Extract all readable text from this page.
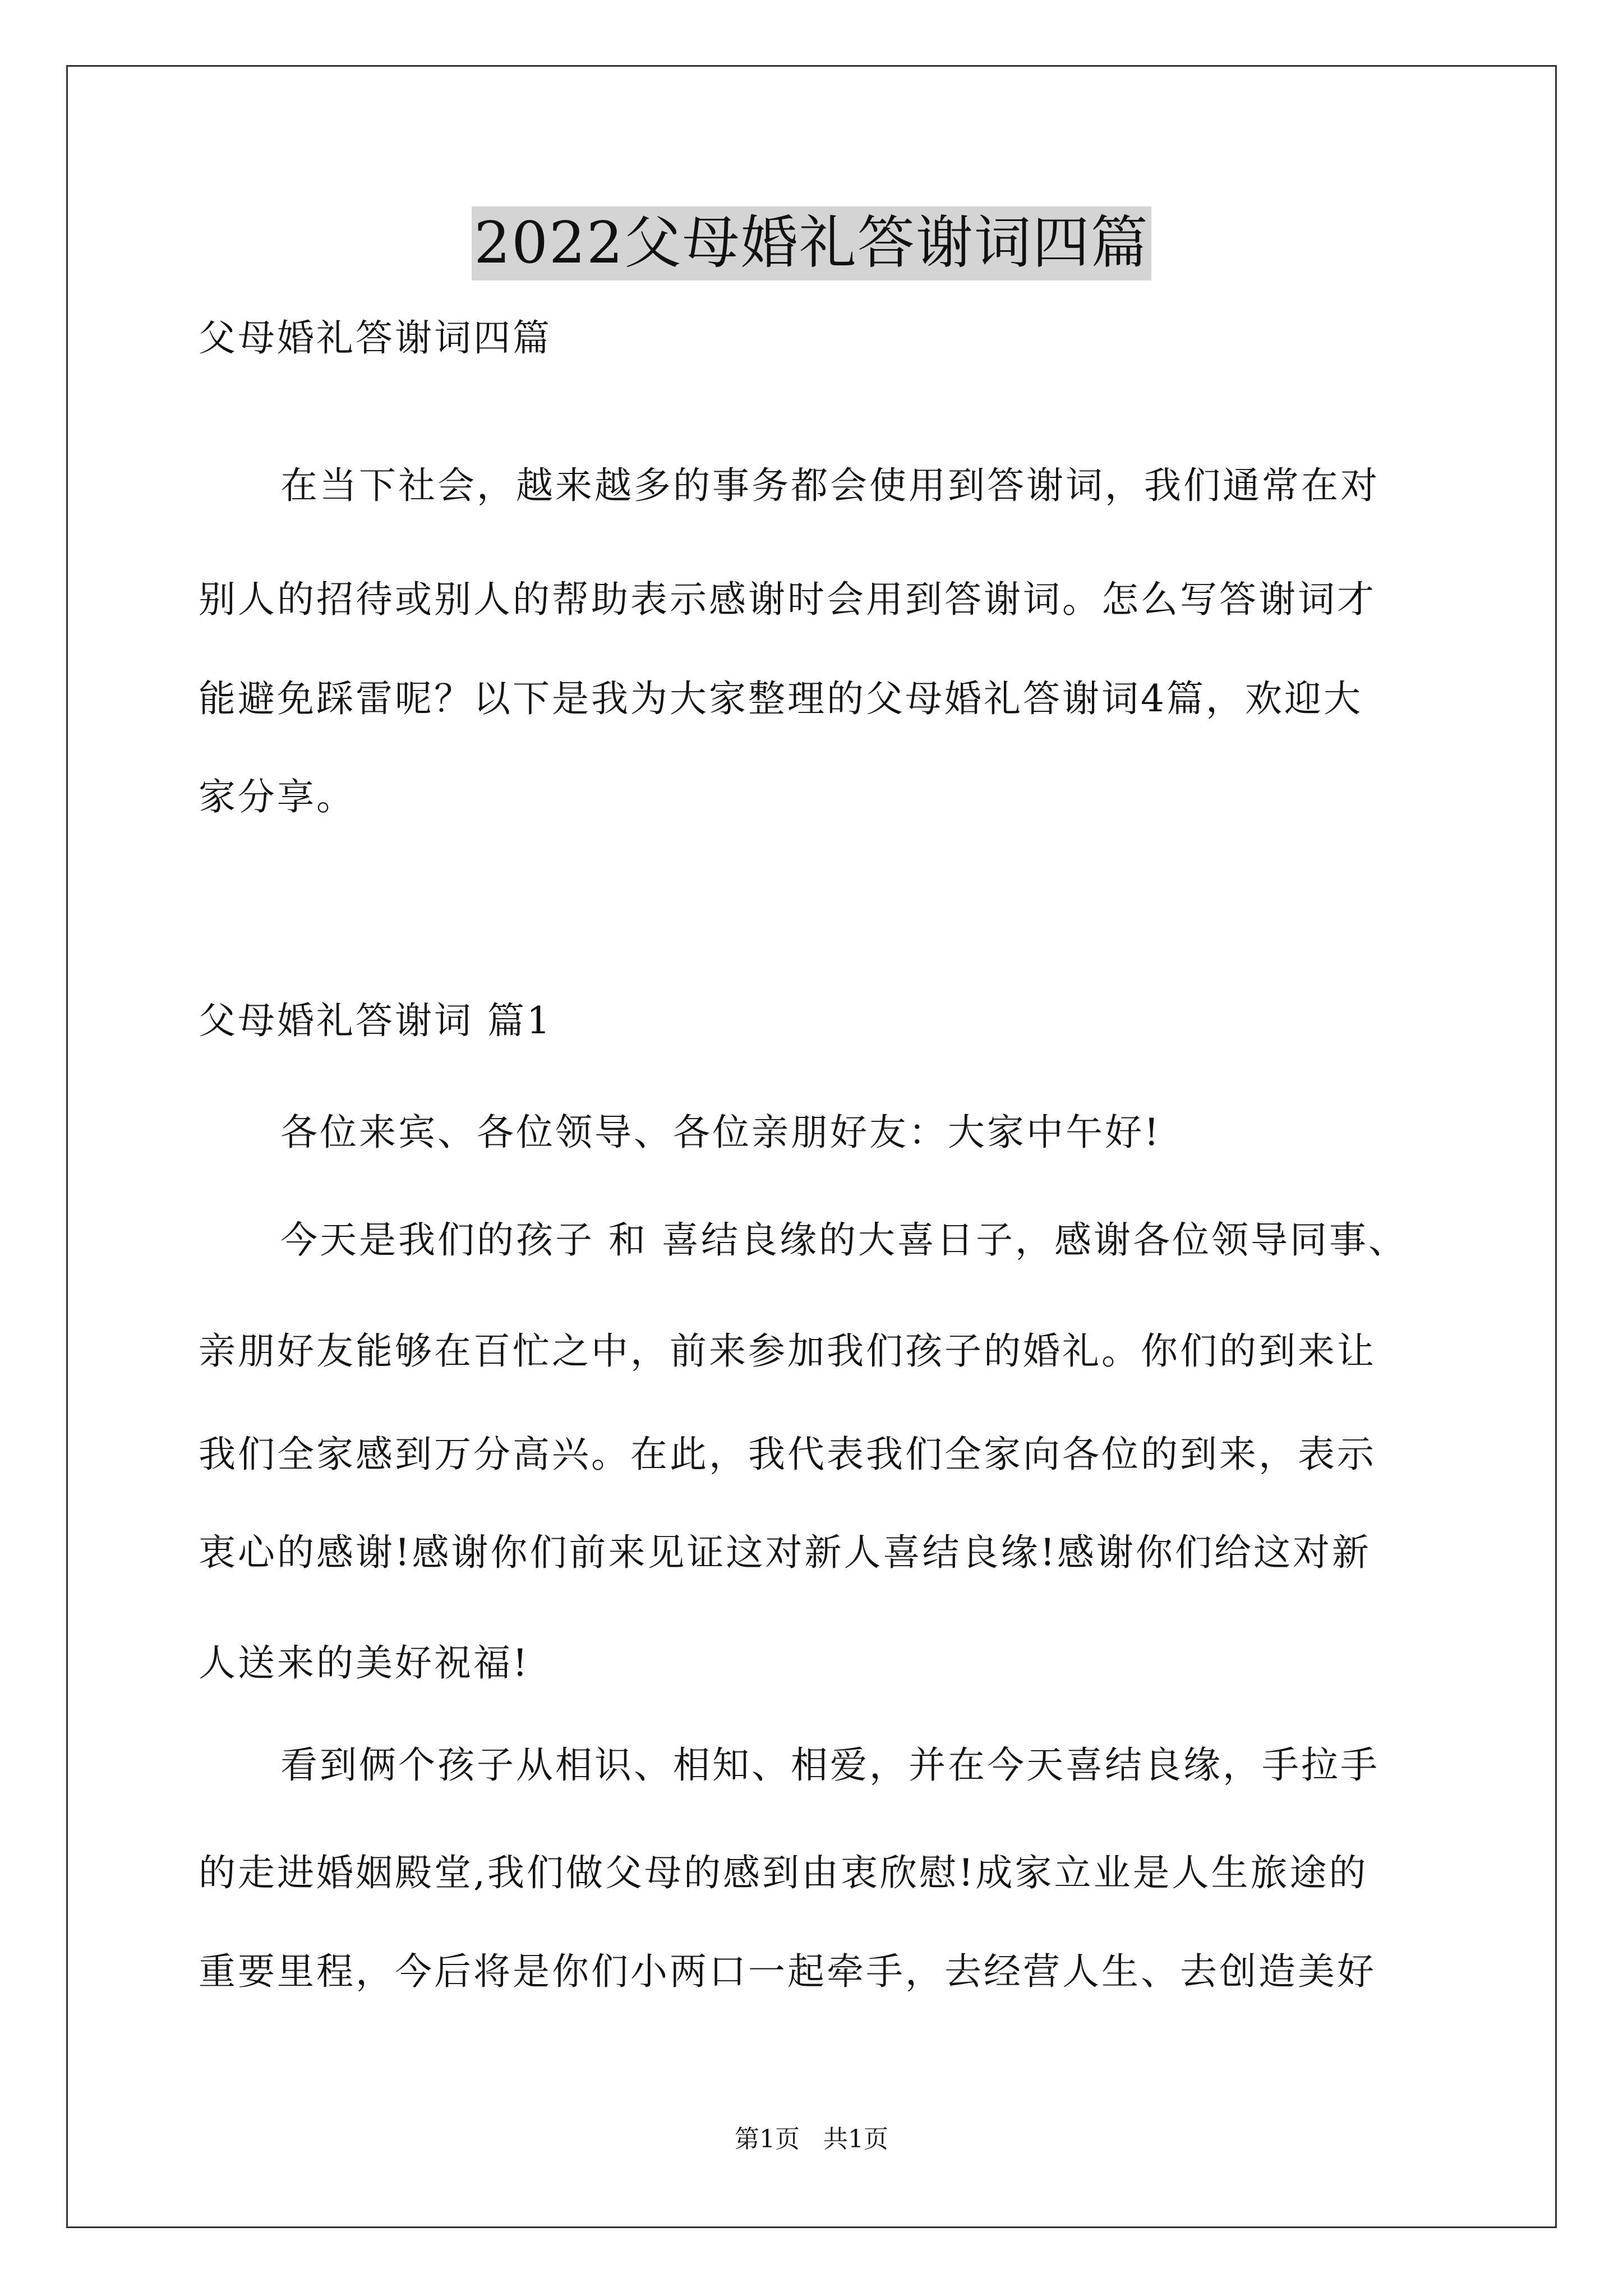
2022父母婚礼答谢词四篇
父母婚礼答谢词四篇
在当下社会，越来越多的事务都会使用到答谢词，我们通常在对
别人的招待或别人的帮助表示感谢时会用到答谢词。怎么写答谢词才
能避免踩雷呢？以下是我为大家整理的父母婚礼答谢词4篇，欢迎大
家分享。
父母婚礼答谢词 篇1
各位来宾、各位领导、各位亲朋好友：大家中午好!
今天是我们的孩子 和 喜结良缘的大喜日子，感谢各位领导同事、
亲朋好友能够在百忙之中，前来参加我们孩子的婚礼。你们的到来让
我们全家感到万分高兴。在此，我代表我们全家向各位的到来，表示
衷心的感谢!感谢你们前来见证这对新人喜结良缘!感谢你们给这对新
人送来的美好祝福!
看到俩个孩子从相识、相知、相爱，并在今天喜结良缘，手拉手
的走进婚姻殿堂,我们做父母的感到由衷欣慰!成家立业是人生旅途的
重要里程，今后将是你们小两口一起牵手，去经营人生、去创造美好
第1页   共1页
